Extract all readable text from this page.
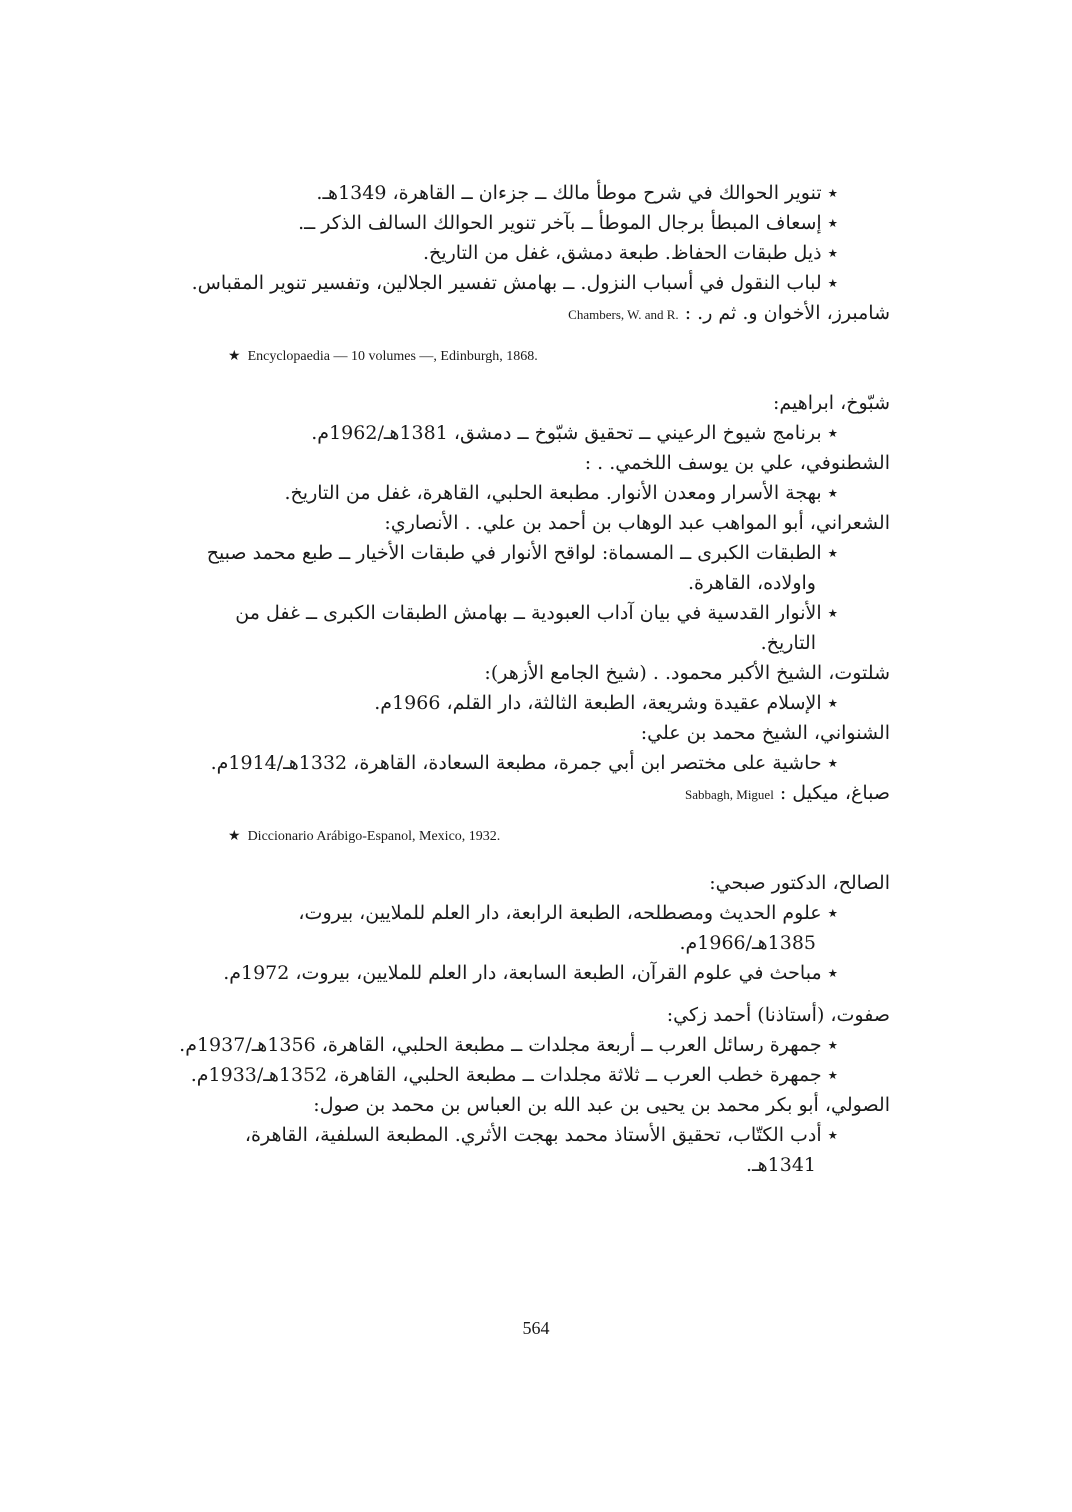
٭تنوير الحوالك في شرح موطأ مالك ــ جزءان ــ القاهرة، 1349هـ.
٭إسعاف المبطأ برجال الموطأ ــ بآخر تنوير الحوالك السالف الذكر ــ.
٭ذيل طبقات الحفاظ. طبعة دمشق، غفل من التاريخ.
٭لباب النقول في أسباب النزول. ــ بهامش تفسير الجلالين، وتفسير تنوير المقباس.
شامبرز، الأخوان و. ثم ر. : Chambers, W. and R.
★ Encyclopaedia — 10 volumes —, Edinburgh, 1868.
شبّوخ، ابراهيم:
٭برنامج شيوخ الرعيني ــ تحقيق شبّوخ ــ دمشق، 1381هـ/1962م.
الشطنوفي، علي بن يوسف اللخمي. . :
٭بهجة الأسرار ومعدن الأنوار. مطبعة الحلبي، القاهرة، غفل من التاريخ.
الشعراني، أبو المواهب عبد الوهاب بن أحمد بن علي. . الأنصاري:
٭الطبقات الكبرى ــ المسماة: لواقح الأنوار في طبقات الأخيار ــ طبع محمد صبيح
واولاده، القاهرة.
٭الأنوار القدسية في بيان آداب العبودية ــ بهامش الطبقات الكبرى ــ غفل من
التاريخ.
شلتوت، الشيخ الأكبر محمود. . (شيخ الجامع الأزهر):
٭الإسلام عقيدة وشريعة، الطبعة الثالثة، دار القلم، 1966م.
الشنواني، الشيخ محمد بن علي:
٭حاشية على مختصر ابن أبي جمرة، مطبعة السعادة، القاهرة، 1332هـ/1914م.
صباغ، ميكيل : Sabbagh, Miguel
★ Diccionario Arábigo-Espanol, Mexico, 1932.
الصالح، الدكتور صبحي:
٭علوم الحديث ومصطلحه، الطبعة الرابعة، دار العلم للملايين، بيروت،
1385هـ/1966م.
٭مباحث في علوم القرآن، الطبعة السابعة، دار العلم للملايين، بيروت، 1972م.
صفوت، (أستاذنا) أحمد زكي:
٭جمهرة رسائل العرب ــ أربعة مجلدات ــ مطبعة الحلبي، القاهرة، 1356هـ/1937م.
٭جمهرة خطب العرب ــ ثلاثة مجلدات ــ مطبعة الحلبي، القاهرة، 1352هـ/1933م.
الصولي، أبو بكر محمد بن يحيى بن عبد الله بن العباس بن محمد بن صول:
٭أدب الكتّاب، تحقيق الأستاذ محمد بهجت الأثري. المطبعة السلفية، القاهرة،
1341هـ.
564
